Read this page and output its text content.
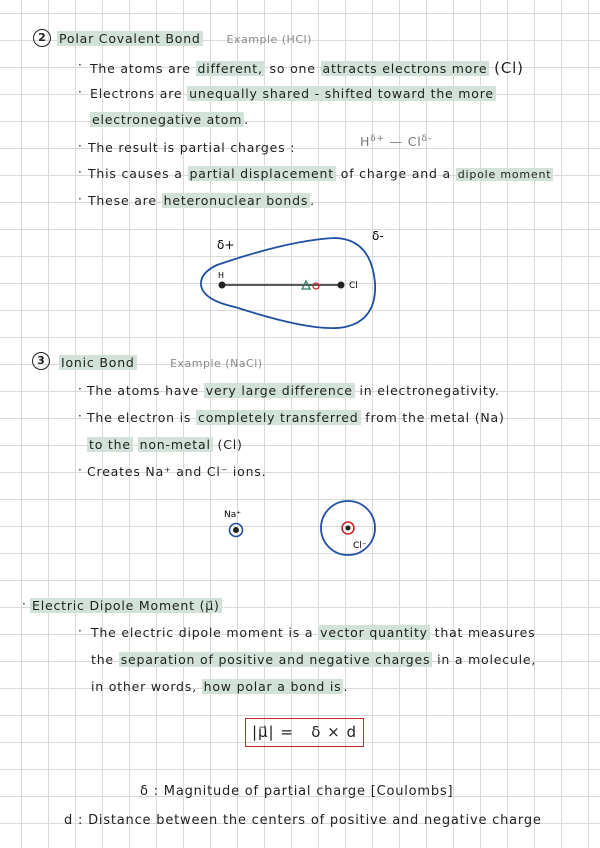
2	Polar Covalent Bond Example (HCl)
· The atoms are different, so one attracts electrons more (Cl)
· Electrons are unequally shared - shifted toward the more
electronegative atom .
· The result is partial charges :	$H^{\delta+}$ — $Cl^{\delta-}$
· This causes a partial displacement of charge and a dipole moment
· These are heteronuclear bonds .
H
Cl
δ+
δ-
3	Ionic Bond	Example (NaCl)
· The atoms have very large difference in electronegativity.
· The electron is completely transferred from the metal (Na)
to the non-metal (Cl)
· Creates Na⁺ and Cl⁻ ions.
Na⁺
Cl⁻
· Electric Dipole Moment (μ⃗)
· The electric dipole moment is a vector quantity that measures
the separation of positive and negative charges in a molecule,
in other words, how polar a bond is .
|μ⃗| =   δ × d
δ : Magnitude of partial charge [Coulombs]
d : Distance between the centers of positive and negative charge
